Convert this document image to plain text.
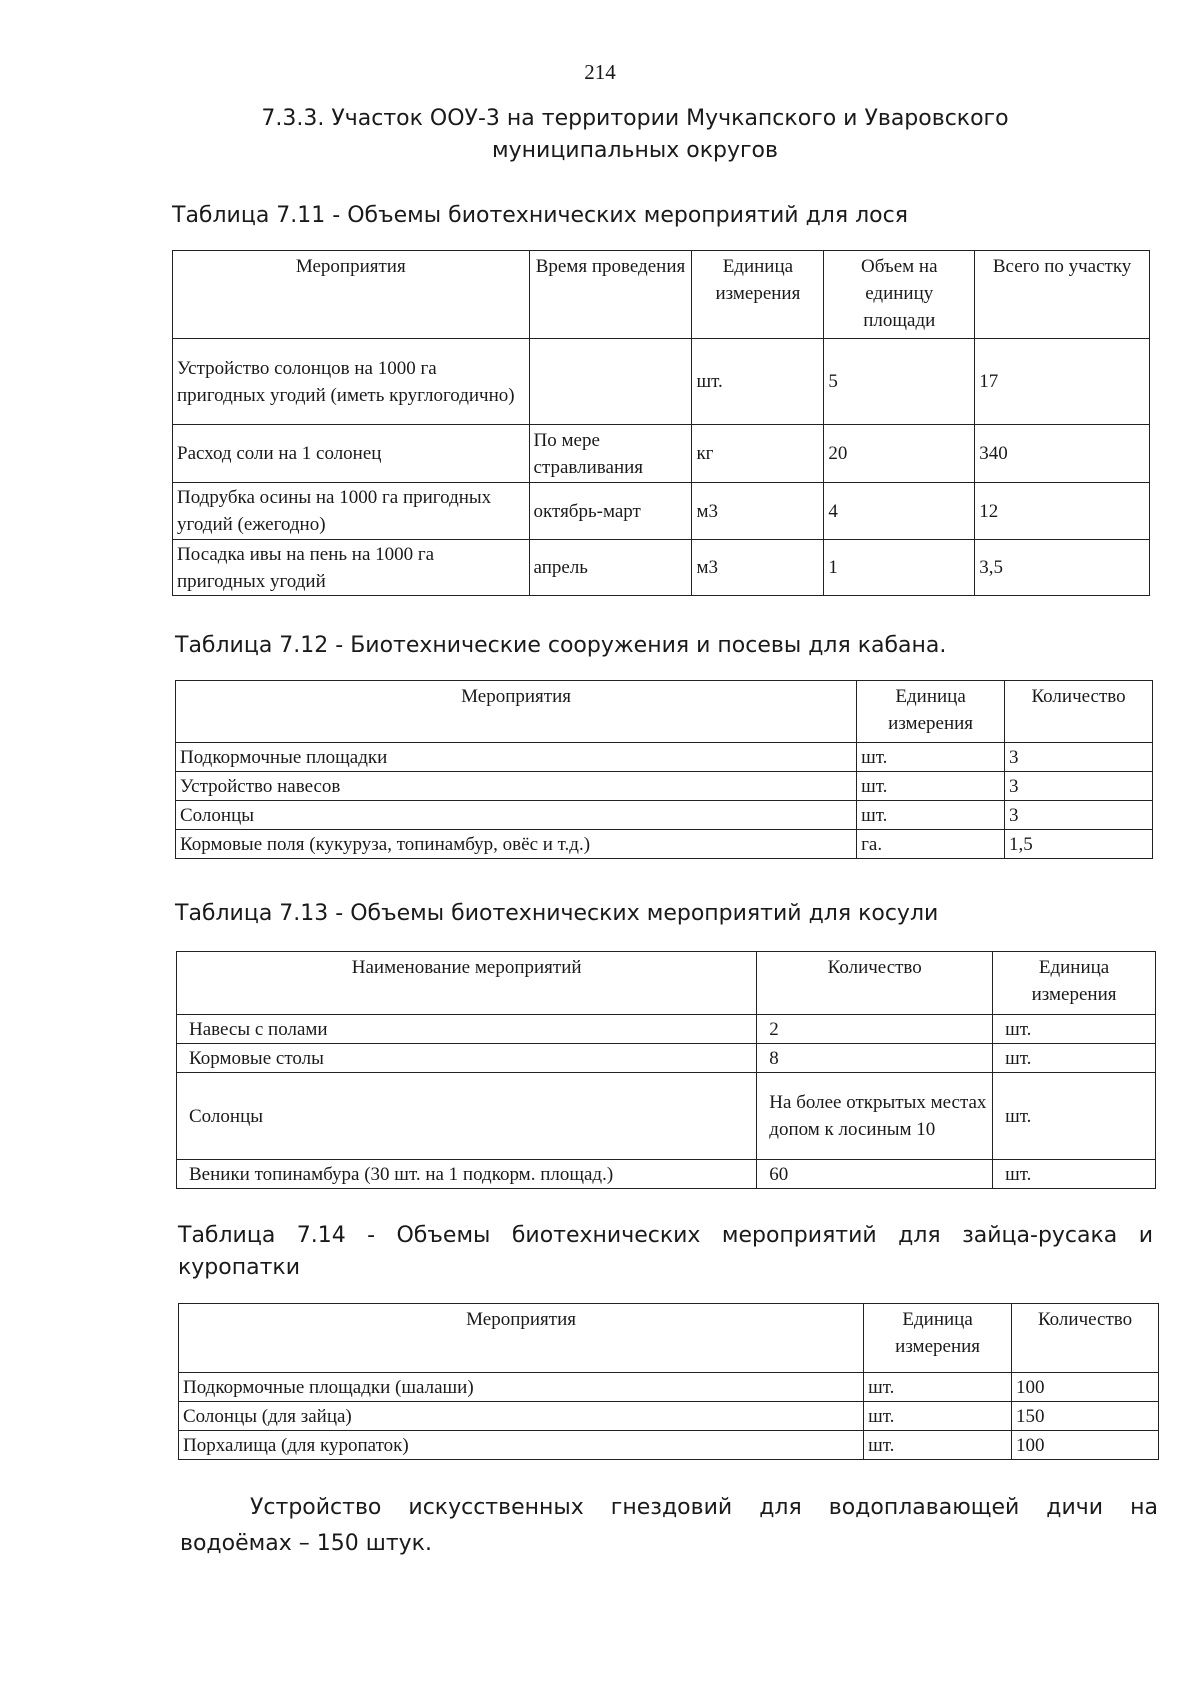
214
7.3.3. Участок ООУ-3 на территории Мучкапского и Уваровского
муниципальных округов
Таблица 7.11 - Объемы биотехнических мероприятий для лося
Мероприятия	Время проведения	Единица измерения	Объем на единицу площади	Всего по участку
Устройство солонцов на 1000 га пригодных угодий (иметь круглогодично)		шт.	5	17
Расход соли на 1 солонец	По мере стравливания	кг	20	340
Подрубка осины на 1000 га пригодных угодий (ежегодно)	октябрь-март	м3	4	12
Посадка ивы на пень на 1000 га пригодных угодий	апрель	м3	1	3,5
Таблица 7.12 - Биотехнические сооружения и посевы для кабана.
Мероприятия	Единица измерения	Количество
Подкормочные площадки	шт.	3
Устройство навесов	шт.	3
Солонцы	шт.	3
Кормовые поля (кукуруза, топинамбур, овёс и т.д.)	га.	1,5
Таблица 7.13 - Объемы биотехнических мероприятий для косули
Наименование мероприятий	Количество	Единица измерения
Навесы с полами	2	шт.
Кормовые столы	8	шт.
Солонцы	На более открытых местах допом к лосиным 10	шт.
Веники топинамбура (30 шт. на 1 подкорм. площад.)	60	шт.
Таблица 7.14 - Объемы биотехнических мероприятий для зайца-русака и
куропатки
Мероприятия	Единица измерения	Количество
Подкормочные площадки (шалаши)	шт.	100
Солонцы (для зайца)	шт.	150
Порхалища (для куропаток)	шт.	100
Устройство искусственных гнездовий для водоплавающей дичи на
водоёмах – 150 штук.
